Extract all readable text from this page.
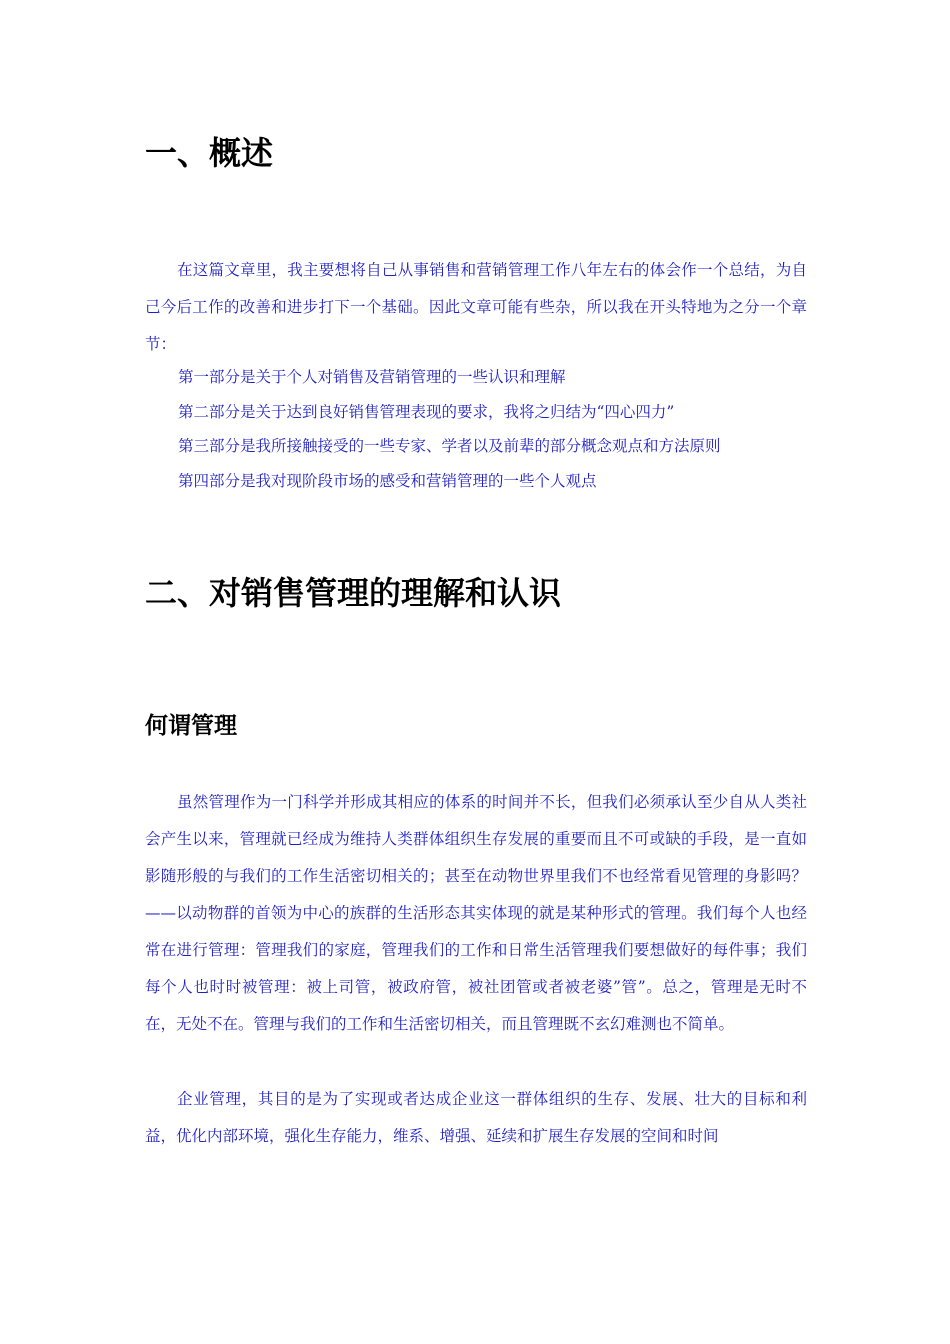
一、概述

在这篇文章里，我主要想将自己从事销售和营销管理工作八年左右的体会作一个总结，为自己今后工作的改善和进步打下一个基础。因此文章可能有些杂，所以我在开头特地为之分一个章节：

第一部分是关于个人对销售及营销管理的一些认识和理解
第二部分是关于达到良好销售管理表现的要求，我将之归结为“四心四力”
第三部分是我所接触接受的一些专家、学者以及前辈的部分概念观点和方法原则
第四部分是我对现阶段市场的感受和营销管理的一些个人观点
二、对销售管理的理解和认识
何谓管理

虽然管理作为一门科学并形成其相应的体系的时间并不长，但我们必须承认至少自从人类社会产生以来，管理就已经成为维持人类群体组织生存发展的重要而且不可或缺的手段，是一直如影随形般的与我们的工作生活密切相关的；甚至在动物世界里我们不也经常看见管理的身影吗？——以动物群的首领为中心的族群的生活形态其实体现的就是某种形式的管理。我们每个人也经常在进行管理：管理我们的家庭，管理我们的工作和日常生活管理我们要想做好的每件事；我们每个人也时时被管理：被上司管，被政府管，被社团管或者被老婆”管”。总之，管理是无时不在，无处不在。管理与我们的工作和生活密切相关，而且管理既不玄幻难测也不简单。

企业管理，其目的是为了实现或者达成企业这一群体组织的生存、发展、壮大的目标和利益，优化内部环境，强化生存能力，维系、增强、延续和扩展生存发展的空间和时间
